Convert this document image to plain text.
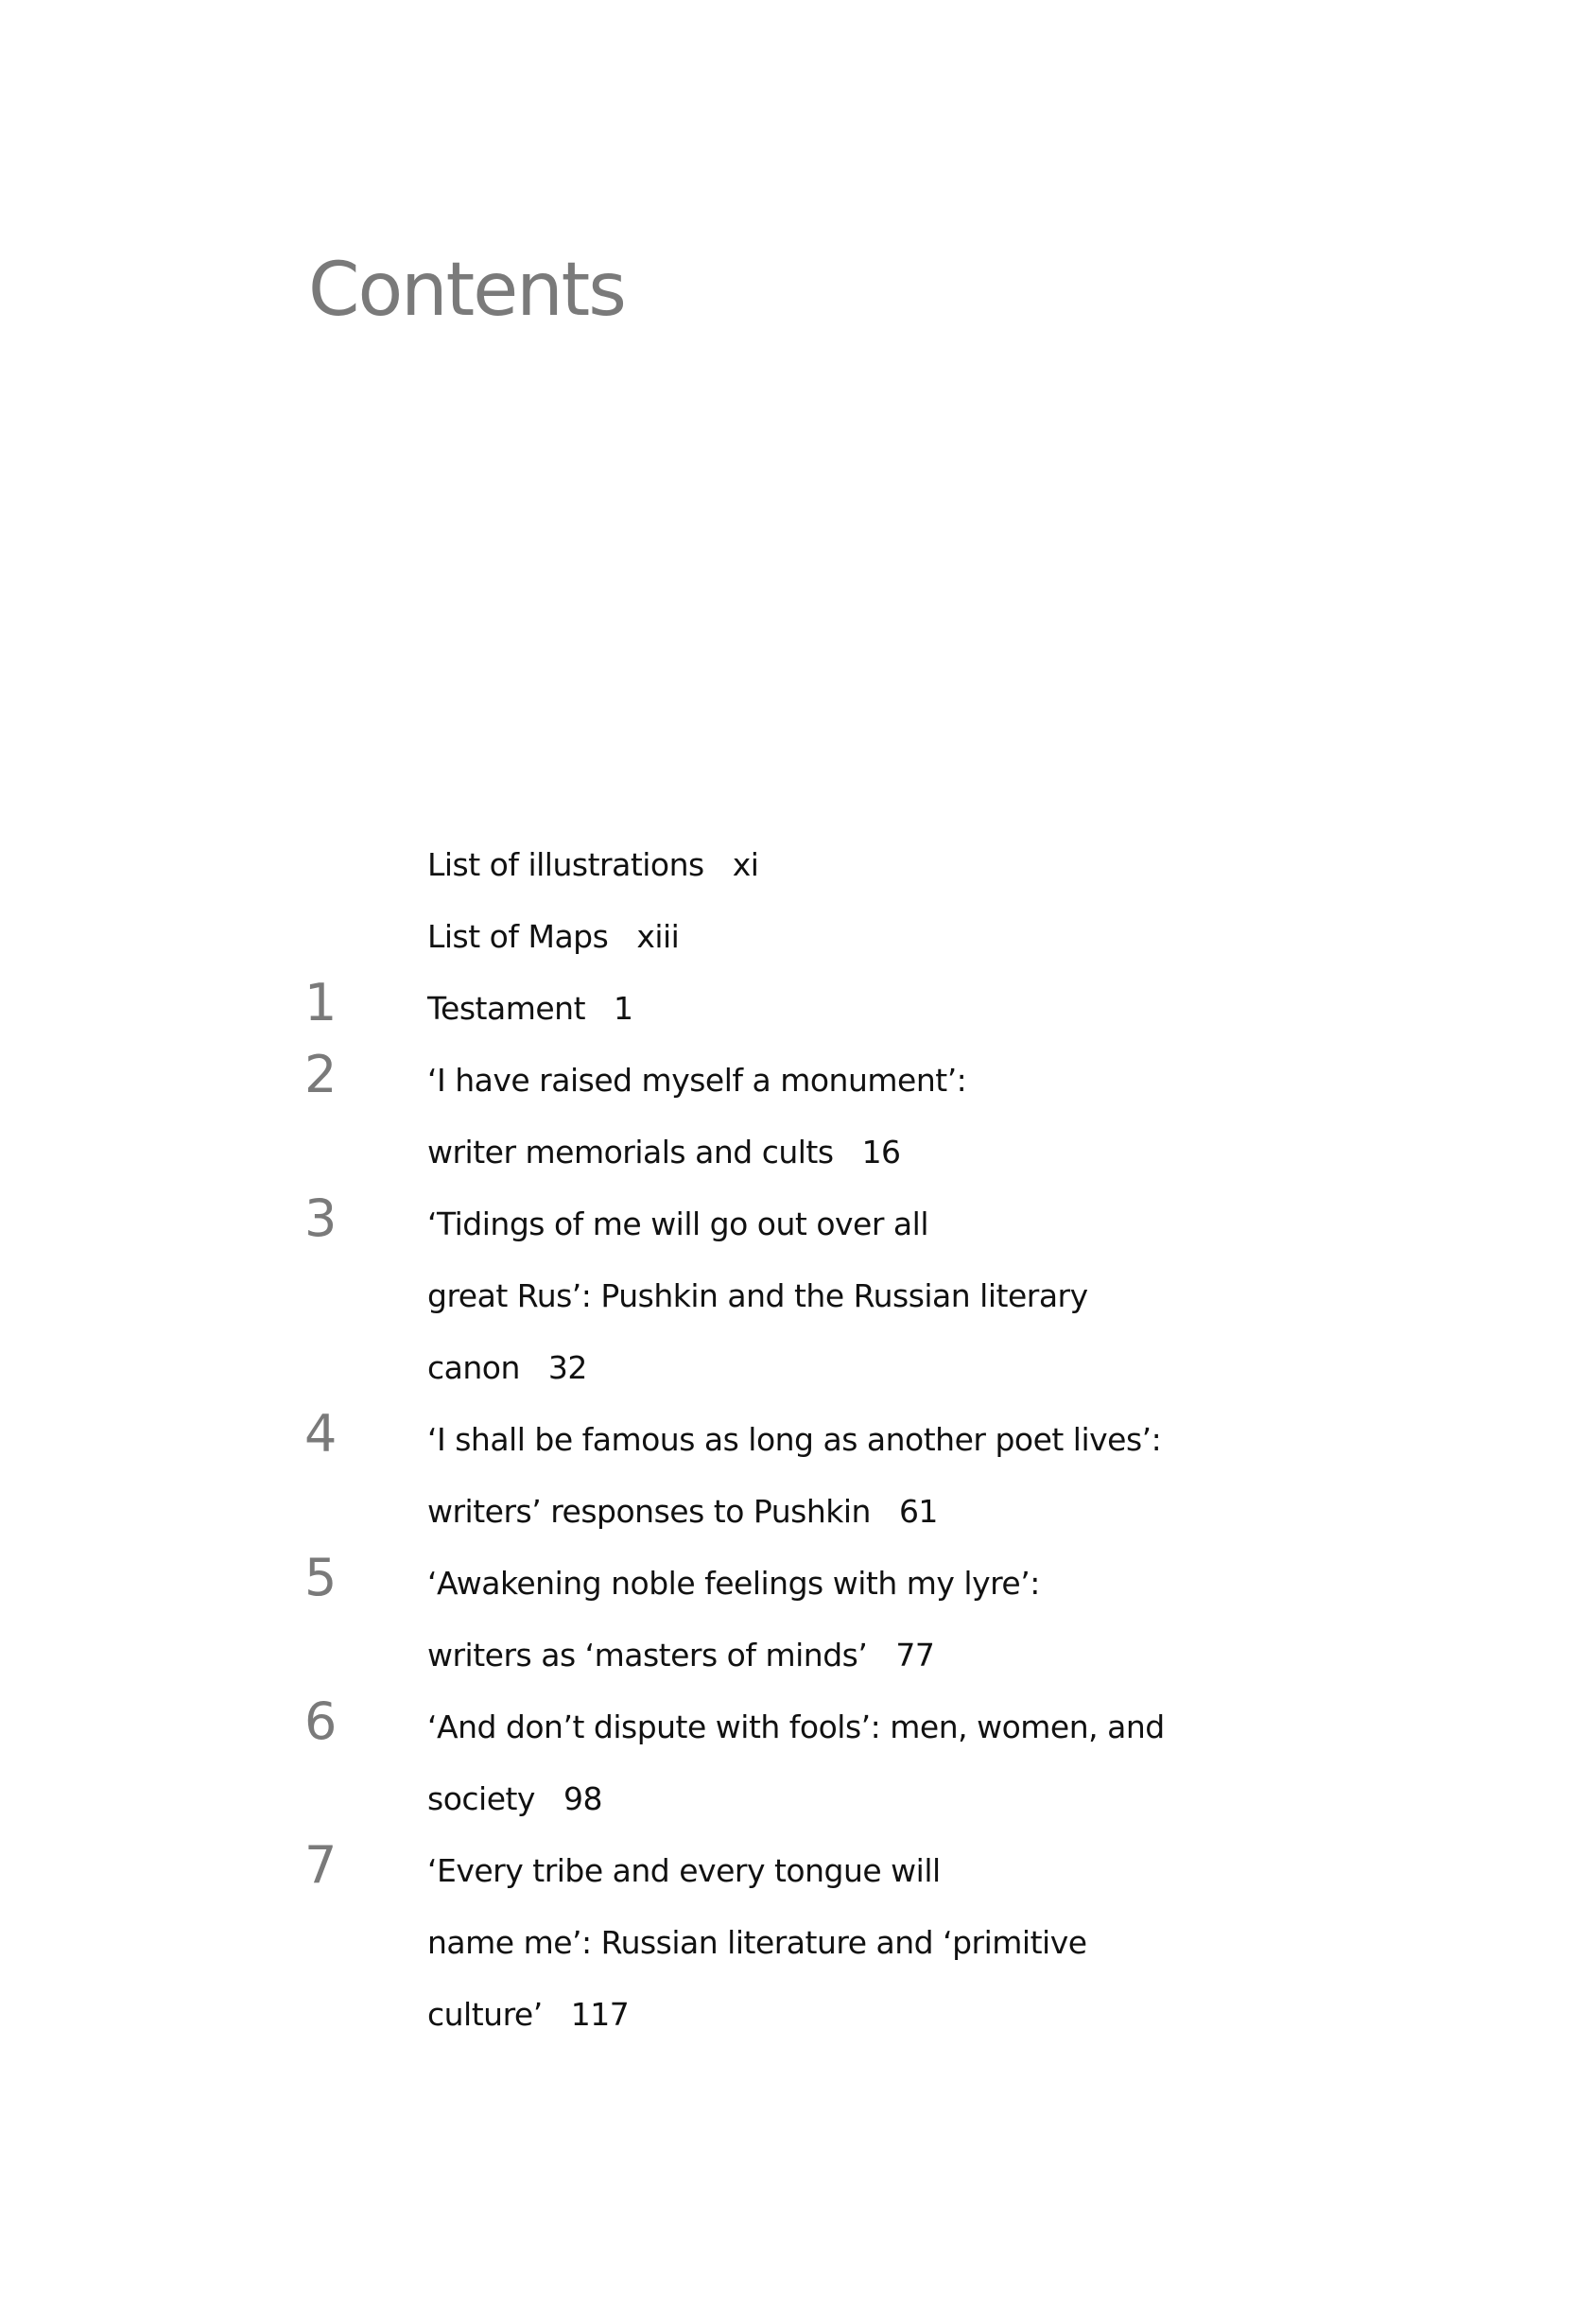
Contents
List of illustrations xi
List of Maps xiii
1	Testament 1
2	‘I have raised myself a monument’:
writer memorials and cults 16
3	‘Tidings of me will go out over all
great Rus’: Pushkin and the Russian literary
canon 32
4	‘I shall be famous as long as another poet lives’:
writers’ responses to Pushkin 61
5	‘Awakening noble feelings with my lyre’:
writers as ‘masters of minds’ 77
6	‘And don’t dispute with fools’: men, women, and
society 98
7	‘Every tribe and every tongue will
name me’: Russian literature and ‘primitive
culture’ 117
